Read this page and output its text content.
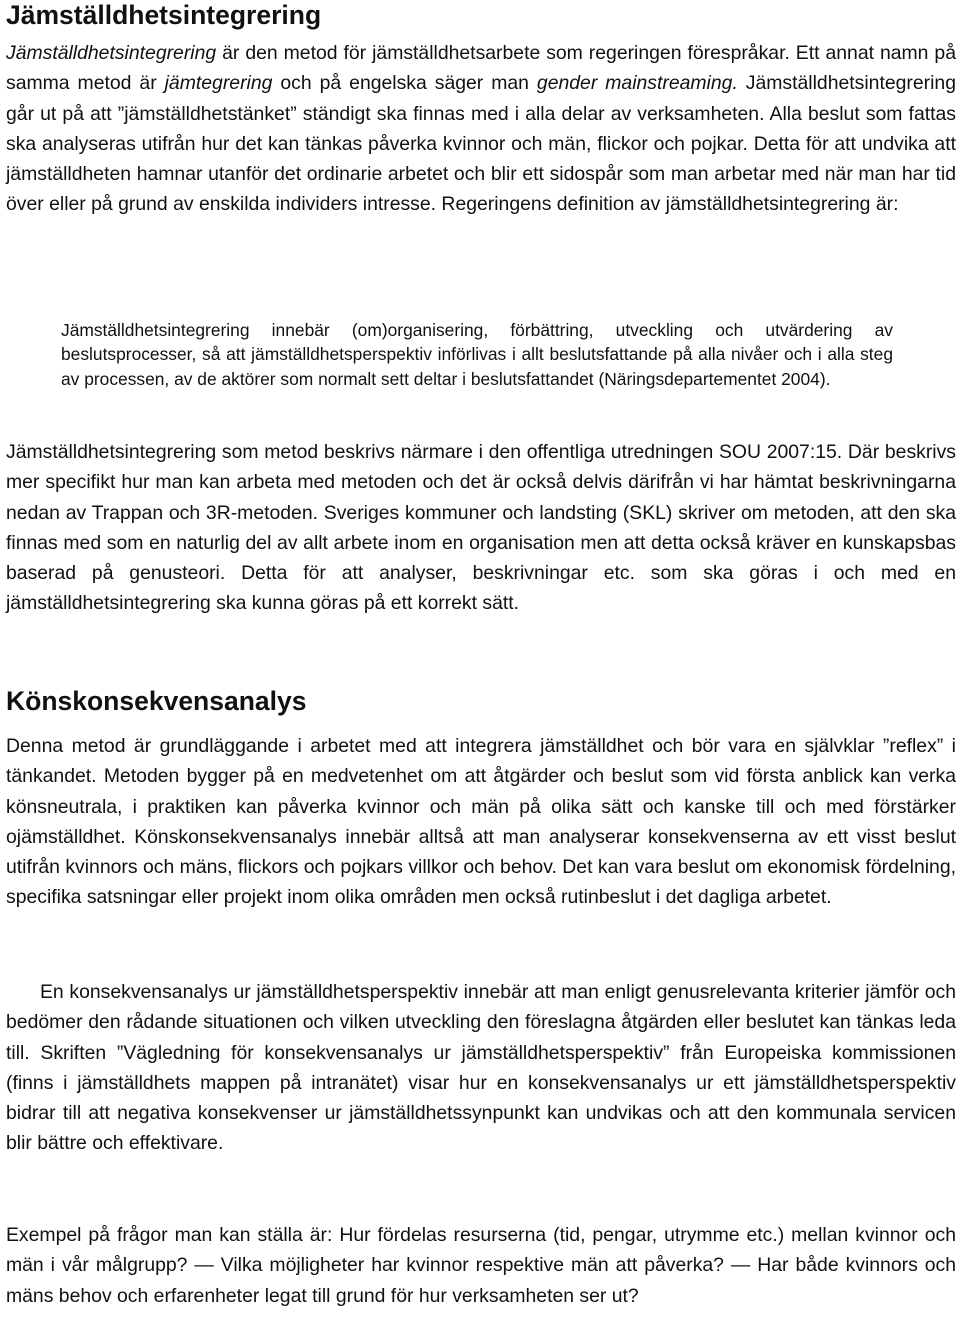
Jämställdhetsintegrering

Jämställdhetsintegrering är den metod för jämställdhetsarbete som regeringen förespråkar. Ett annat namn på samma metod är jämtegrering och på engelska säger man gender mainstreaming. Jämställdhetsintegrering går ut på att ”jämställdhetstänket” ständigt ska finnas med i alla delar av verksamheten. Alla beslut som fattas ska analyseras utifrån hur det kan tänkas påverka kvinnor och män, flickor och pojkar. Detta för att undvika att jämställdheten hamnar utanför det ordinarie arbetet och blir ett sidospår som man arbetar med när man har tid över eller på grund av enskilda individers intresse. Regeringens definition av jämställdhetsintegrering är:

Jämställdhetsintegrering innebär (om)organisering, förbättring, utveckling och utvärdering av beslutsprocesser, så att jämställdhetsperspektiv införlivas i allt beslutsfattande på alla nivåer och i alla steg av processen, av de aktörer som normalt sett deltar i beslutsfattandet (Näringsdepartementet 2004).

Jämställdhetsintegrering som metod beskrivs närmare i den offentliga utredningen SOU 2007:15. Där beskrivs mer specifikt hur man kan arbeta med metoden och det är också delvis därifrån vi har hämtat beskrivningarna nedan av Trappan och 3R-metoden. Sveriges kommuner och landsting (SKL) skriver om metoden, att den ska finnas med som en naturlig del av allt arbete inom en organisation men att detta också kräver en kunskapsbas baserad på genusteori. Detta för att analyser, beskrivningar etc. som ska göras i och med en jämställdhetsintegrering ska kunna göras på ett korrekt sätt.

Könskonsekvensanalys

Denna metod är grundläggande i arbetet med att integrera jämställdhet och bör vara en självklar ”reflex” i tänkandet. Metoden bygger på en medvetenhet om att åtgärder och beslut som vid första anblick kan verka könsneutrala, i praktiken kan påverka kvinnor och män på olika sätt och kanske till och med förstärker ojämställdhet. Könskonsekvensanalys innebär alltså att man analyserar konsekvenserna av ett visst beslut utifrån kvinnors och mäns, flickors och pojkars villkor och behov. Det kan vara beslut om ekonomisk fördelning, specifika satsningar eller projekt inom olika områden men också rutinbeslut i det dagliga arbetet.

En konsekvensanalys ur jämställdhetsperspektiv innebär att man enligt genusrelevanta kriterier jämför och bedömer den rådande situationen och vilken utveckling den föreslagna åtgärden eller beslutet kan tänkas leda till. Skriften ”Vägledning för konsekvensanalys ur jämställdhetsperspektiv” från Europeiska kommissionen (finns i jämställdhets mappen på intranätet) visar hur en konsekvensanalys ur ett jämställdhetsperspektiv bidrar till att negativa konsekvenser ur jämställdhetssynpunkt kan undvikas och att den kommunala servicen blir bättre och effektivare.

Exempel på frågor man kan ställa är: Hur fördelas resurserna (tid, pengar, utrymme etc.) mellan kvinnor och män i vår målgrupp? ― Vilka möjligheter har kvinnor respektive män att påverka? ― Har både kvinnors och mäns behov och erfarenheter legat till grund för hur verksamheten ser ut?
